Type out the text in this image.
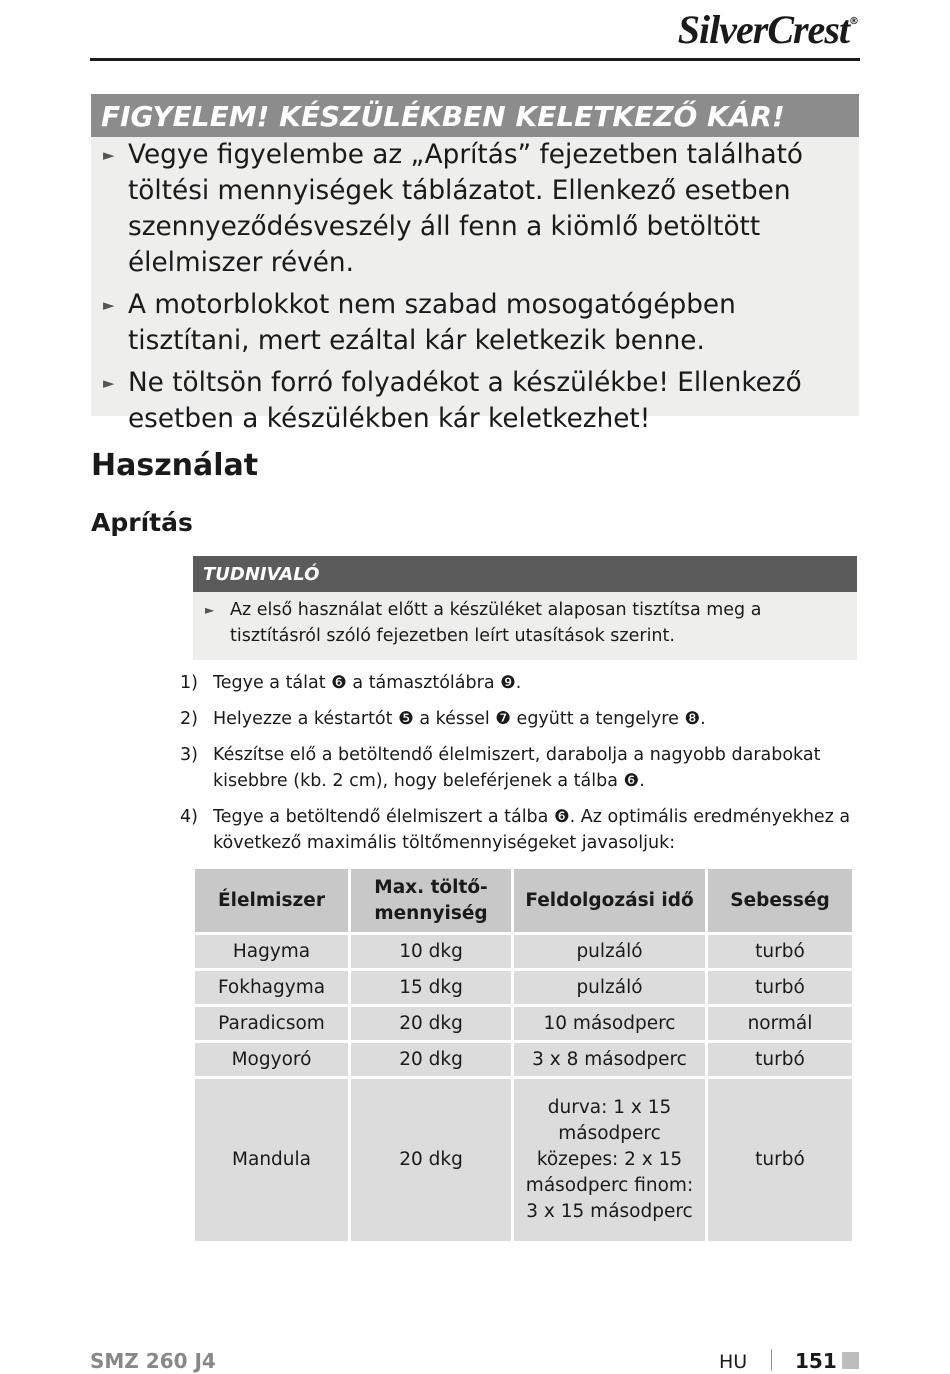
SilverCrest®
FIGYELEM! KÉSZÜLÉKBEN KELETKEZŐ KÁR!
► Vegye figyelembe az „Aprítás” fejezetben található töltési mennyiségek táblázatot. Ellenkező esetben szennyeződésveszély áll fenn a kiömlő betöltött élelmiszer révén.
► A motorblokkot nem szabad mosogatógépben tisztítani, mert ezáltal kár keletkezik benne.
► Ne töltsön forró folyadékot a készülékbe! Ellenkező esetben a készülékben kár keletkezhet!
Használat
Aprítás
TUDNIVALÓ
► Az első használat előtt a készüléket alaposan tisztítsa meg a tisztításról szóló fejezetben leírt utasítások szerint.
1) Tegye a tálat ❻ a támasztólábra ❾.
2) Helyezze a késtartót ❺ a késsel ❼ együtt a tengelyre ❽.
3) Készítse elő a betöltendő élelmiszert, darabolja a nagyobb darabokat kisebbre (kb. 2 cm), hogy beleférjenek a tálba ❻.
4) Tegye a betöltendő élelmiszert a tálba ❻. Az optimális eredményekhez a következő maximális töltőmennyiségeket javasoljuk:
Élelmiszer	Max. töltő-mennyiség	Feldolgozási idő	Sebesség
Hagyma	10 dkg	pulzáló	turbó
Fokhagyma	15 dkg	pulzáló	turbó
Paradicsom	20 dkg	10 másodperc	normál
Mogyoró	20 dkg	3 x 8 másodperc	turbó
Mandula	20 dkg	durva: 1 x 15 másodperc közepes: 2 x 15 másodperc finom: 3 x 15 másodperc	turbó
SMZ 260 J4	HU 151
